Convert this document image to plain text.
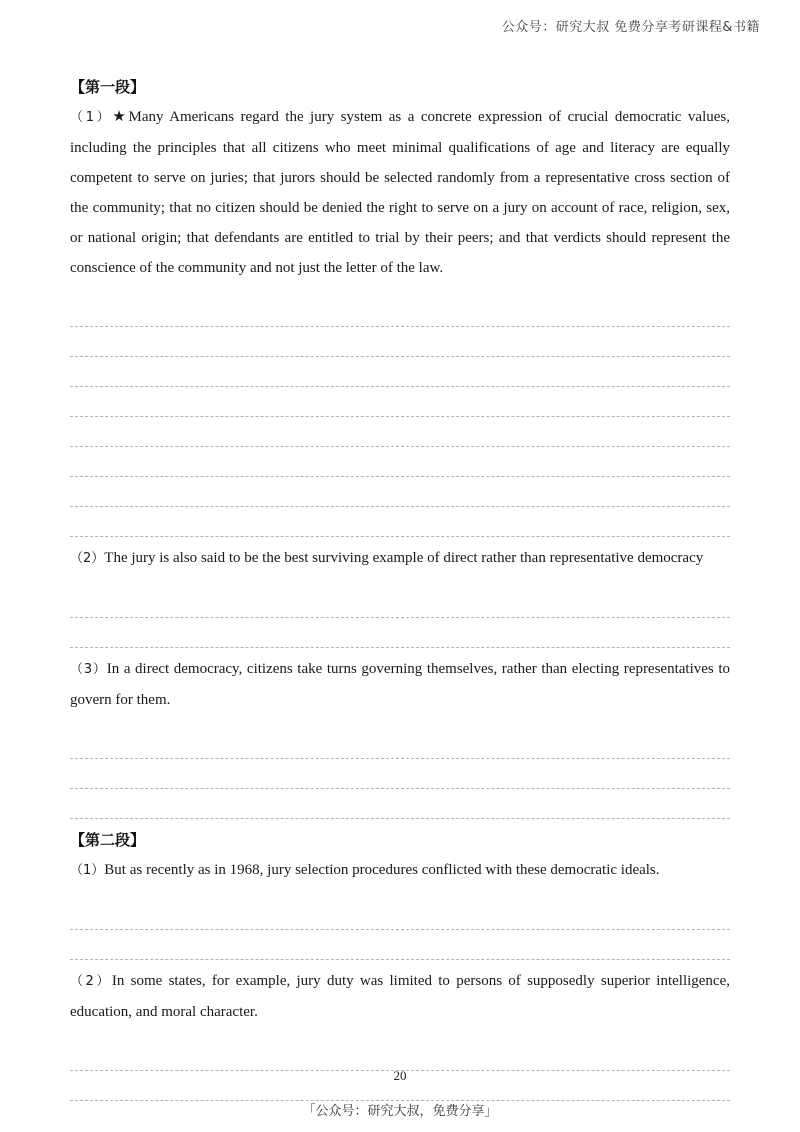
公众号：研究大叔 免费分享考研课程&书籍
【第一段】
（1）★Many Americans regard the jury system as a concrete expression of crucial democratic values, including the principles that all citizens who meet minimal qualifications of age and literacy are equally competent to serve on juries; that jurors should be selected randomly from a representative cross section of the community; that no citizen should be denied the right to serve on a jury on account of race, religion, sex, or national origin; that defendants are entitled to trial by their peers; and that verdicts should represent the conscience of the community and not just the letter of the law.
（2）The jury is also said to be the best surviving example of direct rather than representative democracy
（3）In a direct democracy, citizens take turns governing themselves, rather than electing representatives to govern for them.
【第二段】
（1）But as recently as in 1968, jury selection procedures conflicted with these democratic ideals.
（2）In some states, for example, jury duty was limited to persons of supposedly superior intelligence, education, and moral character.
20
「公众号：研究大叔，免费分享」
